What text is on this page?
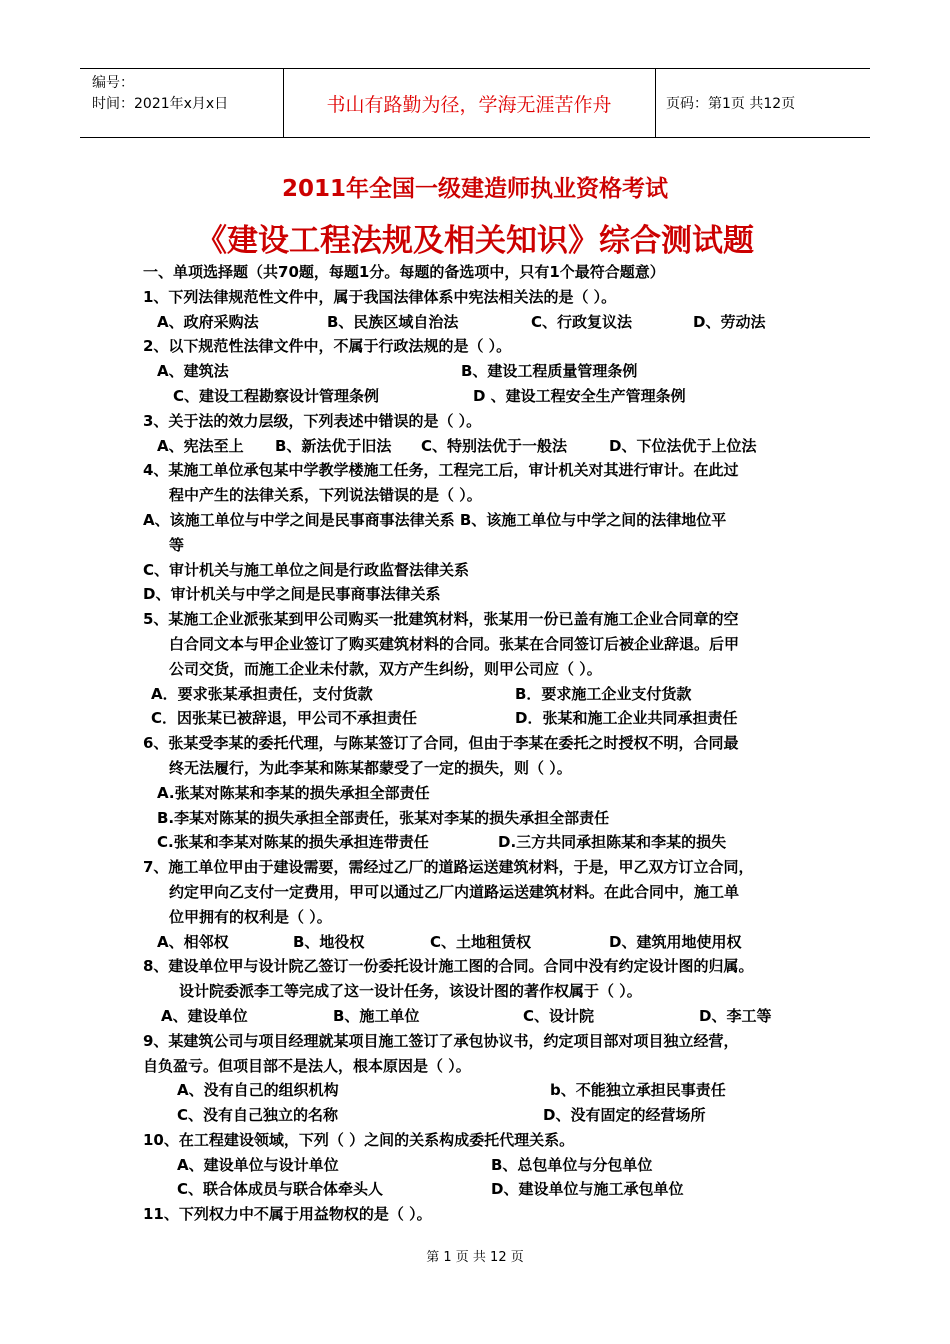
编号：
时间：2021年x月x日	书山有路勤为径，学海无涯苦作舟	页码：第1页 共12页
2011年全国一级建造师执业资格考试
《建设工程法规及相关知识》综合测试题
一、单项选择题（共70题，每题1分。每题的备选项中，只有1个最符合题意）
1、下列法律规范性文件中，属于我国法律体系中宪法相关法的是（ ）。
A、政府采购法	B、民族区域自治法	C、行政复议法	D、劳动法
2、以下规范性法律文件中，不属于行政法规的是（ ）。
A、建筑法	B、建设工程质量管理条例
C、建设工程勘察设计管理条例	D 、建设工程安全生产管理条例
3、关于法的效力层级，下列表述中错误的是（ ）。
A、宪法至上 B、新法优于旧法 C、特别法优于一般法	D、下位法优于上位法
4、某施工单位承包某中学教学楼施工任务，工程完工后，审计机关对其进行审计。在此过
程中产生的法律关系，下列说法错误的是（ ）。
A、该施工单位与中学之间是民事商事法律关系 B、该施工单位与中学之间的法律地位平
等
C、审计机关与施工单位之间是行政监督法律关系
D、审计机关与中学之间是民事商事法律关系
5、某施工企业派张某到甲公司购买一批建筑材料，张某用一份已盖有施工企业合同章的空
白合同文本与甲企业签订了购买建筑材料的合同。张某在合同签订后被企业辞退。后甲
公司交货，而施工企业未付款，双方产生纠纷，则甲公司应（ ）。
A．要求张某承担责任，支付货款	B．要求施工企业支付货款
C．因张某已被辞退，甲公司不承担责任	D．张某和施工企业共同承担责任
6、张某受李某的委托代理，与陈某签订了合同，但由于李某在委托之时授权不明，合同最
终无法履行，为此李某和陈某都蒙受了一定的损失，则（ ）。
A.张某对陈某和李某的损失承担全部责任
B.李某对陈某的损失承担全部责任，张某对李某的损失承担全部责任
C.张某和李某对陈某的损失承担连带责任	D.三方共同承担陈某和李某的损失
7、施工单位甲由于建设需要，需经过乙厂的道路运送建筑材料，于是，甲乙双方订立合同，
约定甲向乙支付一定费用，甲可以通过乙厂内道路运送建筑材料。在此合同中，施工单
位甲拥有的权利是（ ）。
A、相邻权	B、地役权	C、土地租赁权	D、建筑用地使用权
8、建设单位甲与设计院乙签订一份委托设计施工图的合同。合同中没有约定设计图的归属。
设计院委派李工等完成了这一设计任务，该设计图的著作权属于（ ）。
A、建设单位	B、施工单位	C、设计院	D、李工等
9、某建筑公司与项目经理就某项目施工签订了承包协议书，约定项目部对项目独立经营，
自负盈亏。但项目部不是法人，根本原因是（ ）。
A、没有自己的组织机构	b、不能独立承担民事责任
C、没有自己独立的名称	D、没有固定的经营场所
10、在工程建设领域，下列（ ）之间的关系构成委托代理关系。
A、建设单位与设计单位	B、总包单位与分包单位
C、联合体成员与联合体牵头人	D、建设单位与施工承包单位
11、下列权力中不属于用益物权的是（ ）。
第 1 页 共 12 页
